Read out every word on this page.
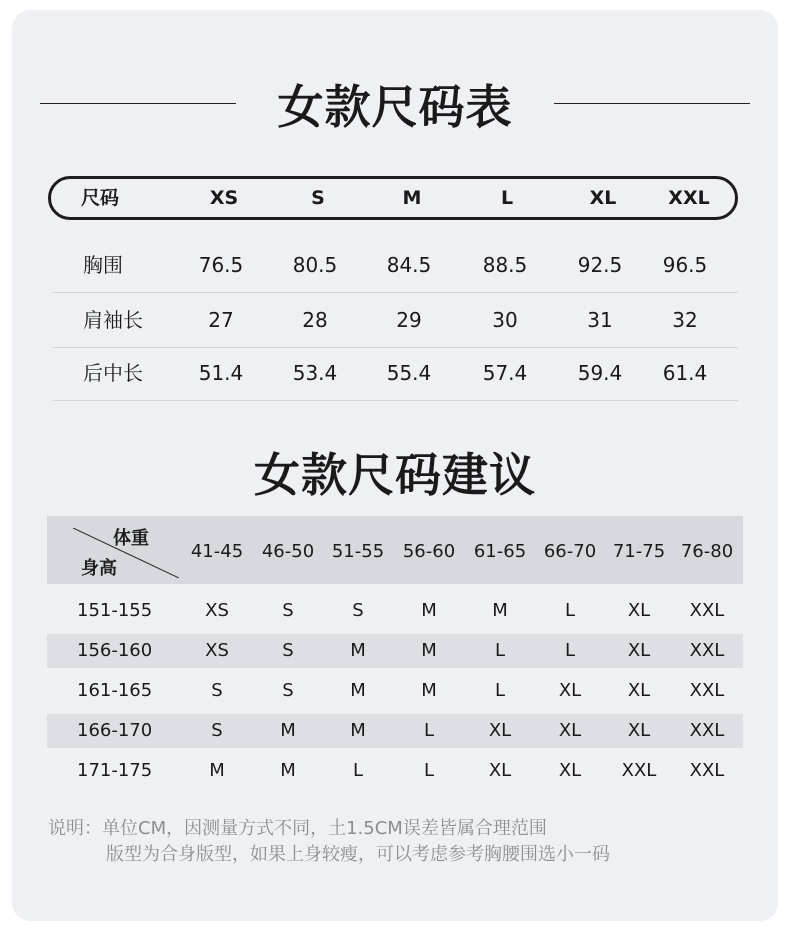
女款尺码表
尺码	XS	S	M	L	XL	XXL
胸围	76.5	80.5	84.5	88.5	92.5	96.5
肩袖长	27	28	29	30	31	32
后中长	51.4	53.4	55.4	57.4	59.4	61.4
女款尺码建议
体重
身高
41-45	46-50 51-55	56-60	61-65 66-70 71-75 76-80
151-155	XS	S	S	M	M	L	XL	XXL
156-160	XS	S	M	M	L	L	XL	XXL
161-165	S	S	M	M	L	XL	XL	XXL
166-170	S	M	M	L	XL	XL	XL	XXL
171-175	M	M	L	L	XL	XL	XXL	XXL
说明：单位CM，因测量方式不同，土1.5CM误差皆属合理范围
版型为合身版型，如果上身较瘦，可以考虑参考胸腰围选小一码
